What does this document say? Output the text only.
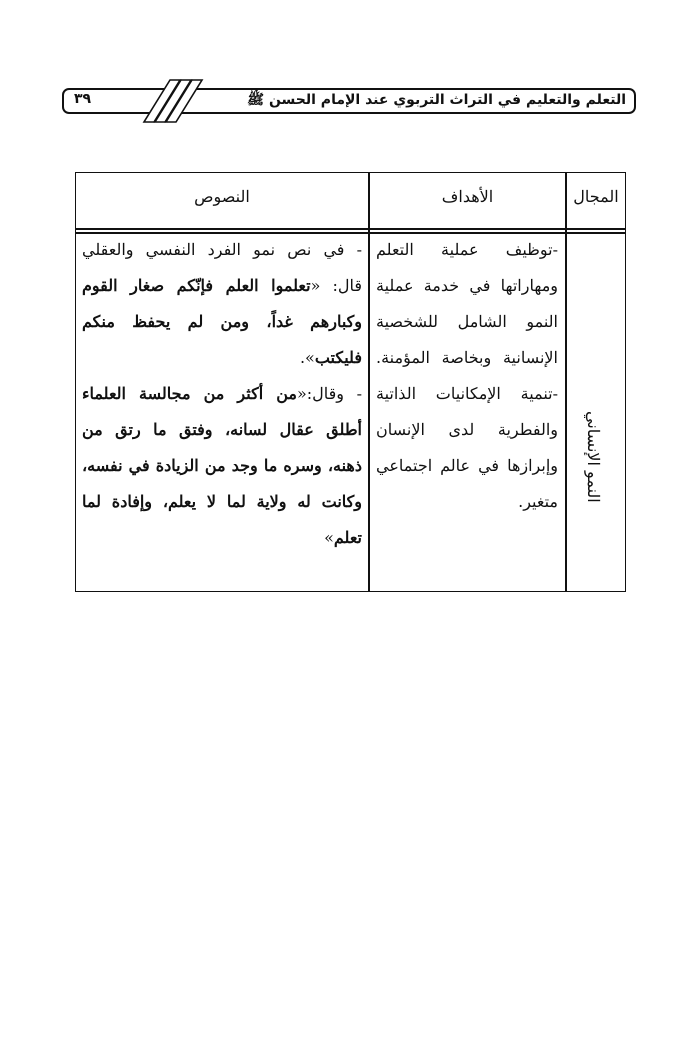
التعلم والتعليم في التراث التربوي عند الإمام الحسن ﷺ
٣٩
النصوص	الأهداف	المجال
النمو الإنساني
-توظيف عملية التعلم
ومهاراتها في خدمة عملية
النمو الشامل للشخصية
الإنسانية وبخاصة المؤمنة.
-تنمية الإمكانيات الذاتية
والفطرية لدى الإنسان
وإبرازها في عالم اجتماعي
متغير.
- في نص نمو الفرد النفسي والعقلي
قال: «تعلموا العلم فإنّكم صغار القوم
وكبارهم غداً، ومن لم يحفظ منكم
فليكتب».
- وقال:«من أكثر من مجالسة العلماء
أطلق عقال لسانه، وفتق ما رتق من
ذهنه، وسره ما وجد من الزيادة في نفسه،
وكانت له ولاية لما لا يعلم، وإفادة لما
تعلم»
